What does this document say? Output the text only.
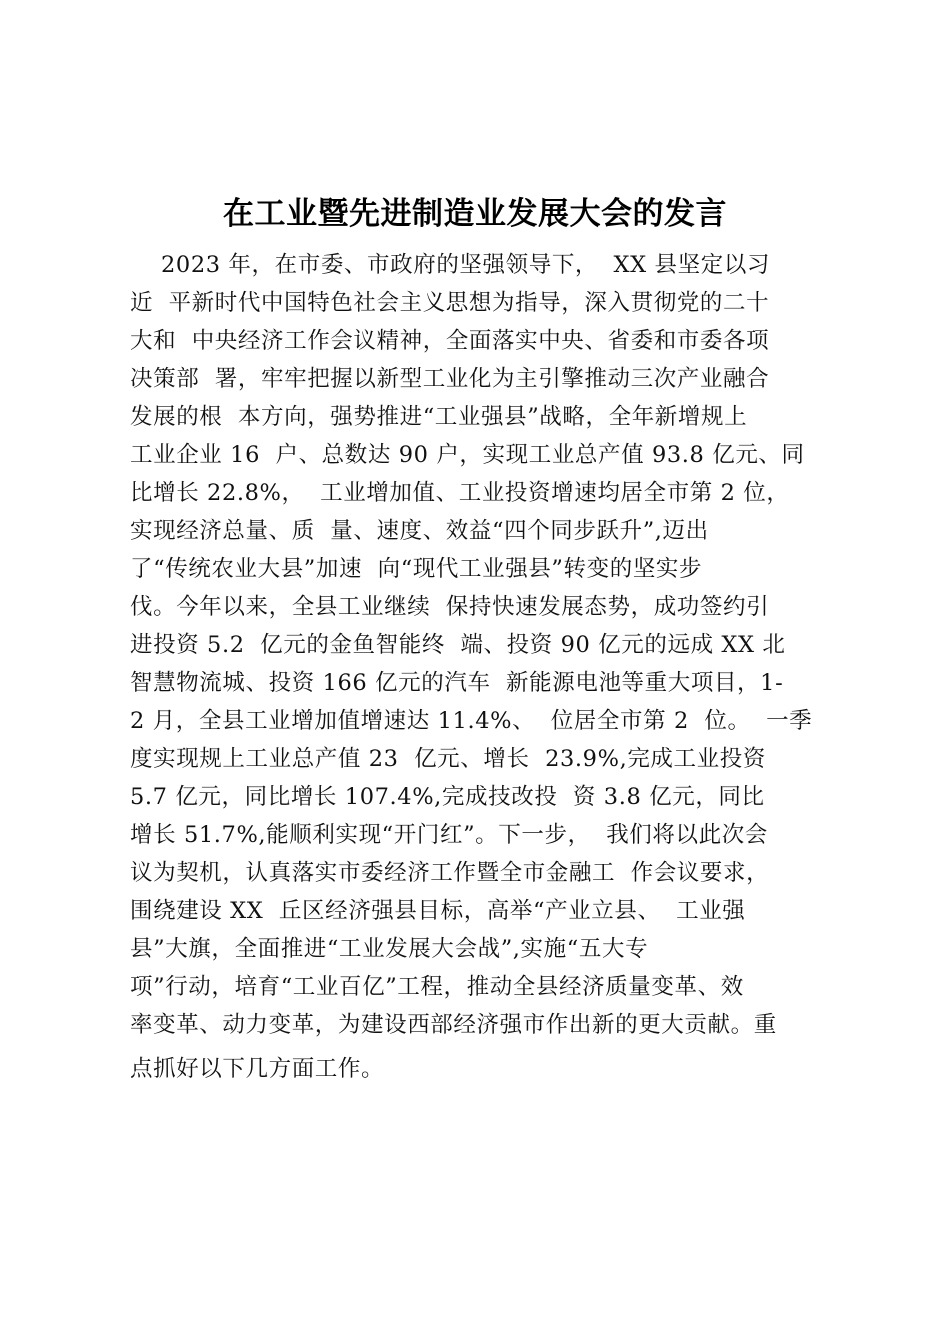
在工业暨先进制造业发展大会的发言
2023 年，在市委、市政府的坚强领导下，  XX 县坚定以习
近  平新时代中国特色社会主义思想为指导，深入贯彻党的二十
大和  中央经济工作会议精神，全面落实中央、省委和市委各项
决策部  署，牢牢把握以新型工业化为主引擎推动三次产业融合
发展的根  本方向，强势推进“工业强县”战略，全年新增规上
工业企业 16  户、总数达 90 户，实现工业总产值 93.8 亿元、同
比增长 22.8%，  工业增加值、工业投资增速均居全市第 2 位，
实现经济总量、质  量、速度、效益“四个同步跃升”,迈出
了“传统农业大县”加速  向“现代工业强县”转变的坚实步
伐。今年以来，全县工业继续  保持快速发展态势，成功签约引
进投资 5.2  亿元的金鱼智能终  端、投资 90 亿元的远成 XX 北
智慧物流城、投资 166 亿元的汽车  新能源电池等重大项目，1-
2 月，全县工业增加值增速达 11.4%、  位居全市第 2  位。  一季
度实现规上工业总产值 23  亿元、增长  23.9%,完成工业投资
5.7 亿元，同比增长 107.4%,完成技改投  资 3.8 亿元，同比
增长 51.7%,能顺利实现“开门红”。下一步，  我们将以此次会
议为契机，认真落实市委经济工作暨全市金融工  作会议要求，
围绕建设 XX  丘区经济强县目标，高举“产业立县、  工业强
县”大旗，全面推进“工业发展大会战”,实施“五大专
项”行动，培育“工业百亿”工程，推动全县经济质量变革、效
率变革、动力变革，为建设西部经济强市作出新的更大贡献。重
点抓好以下几方面工作。
